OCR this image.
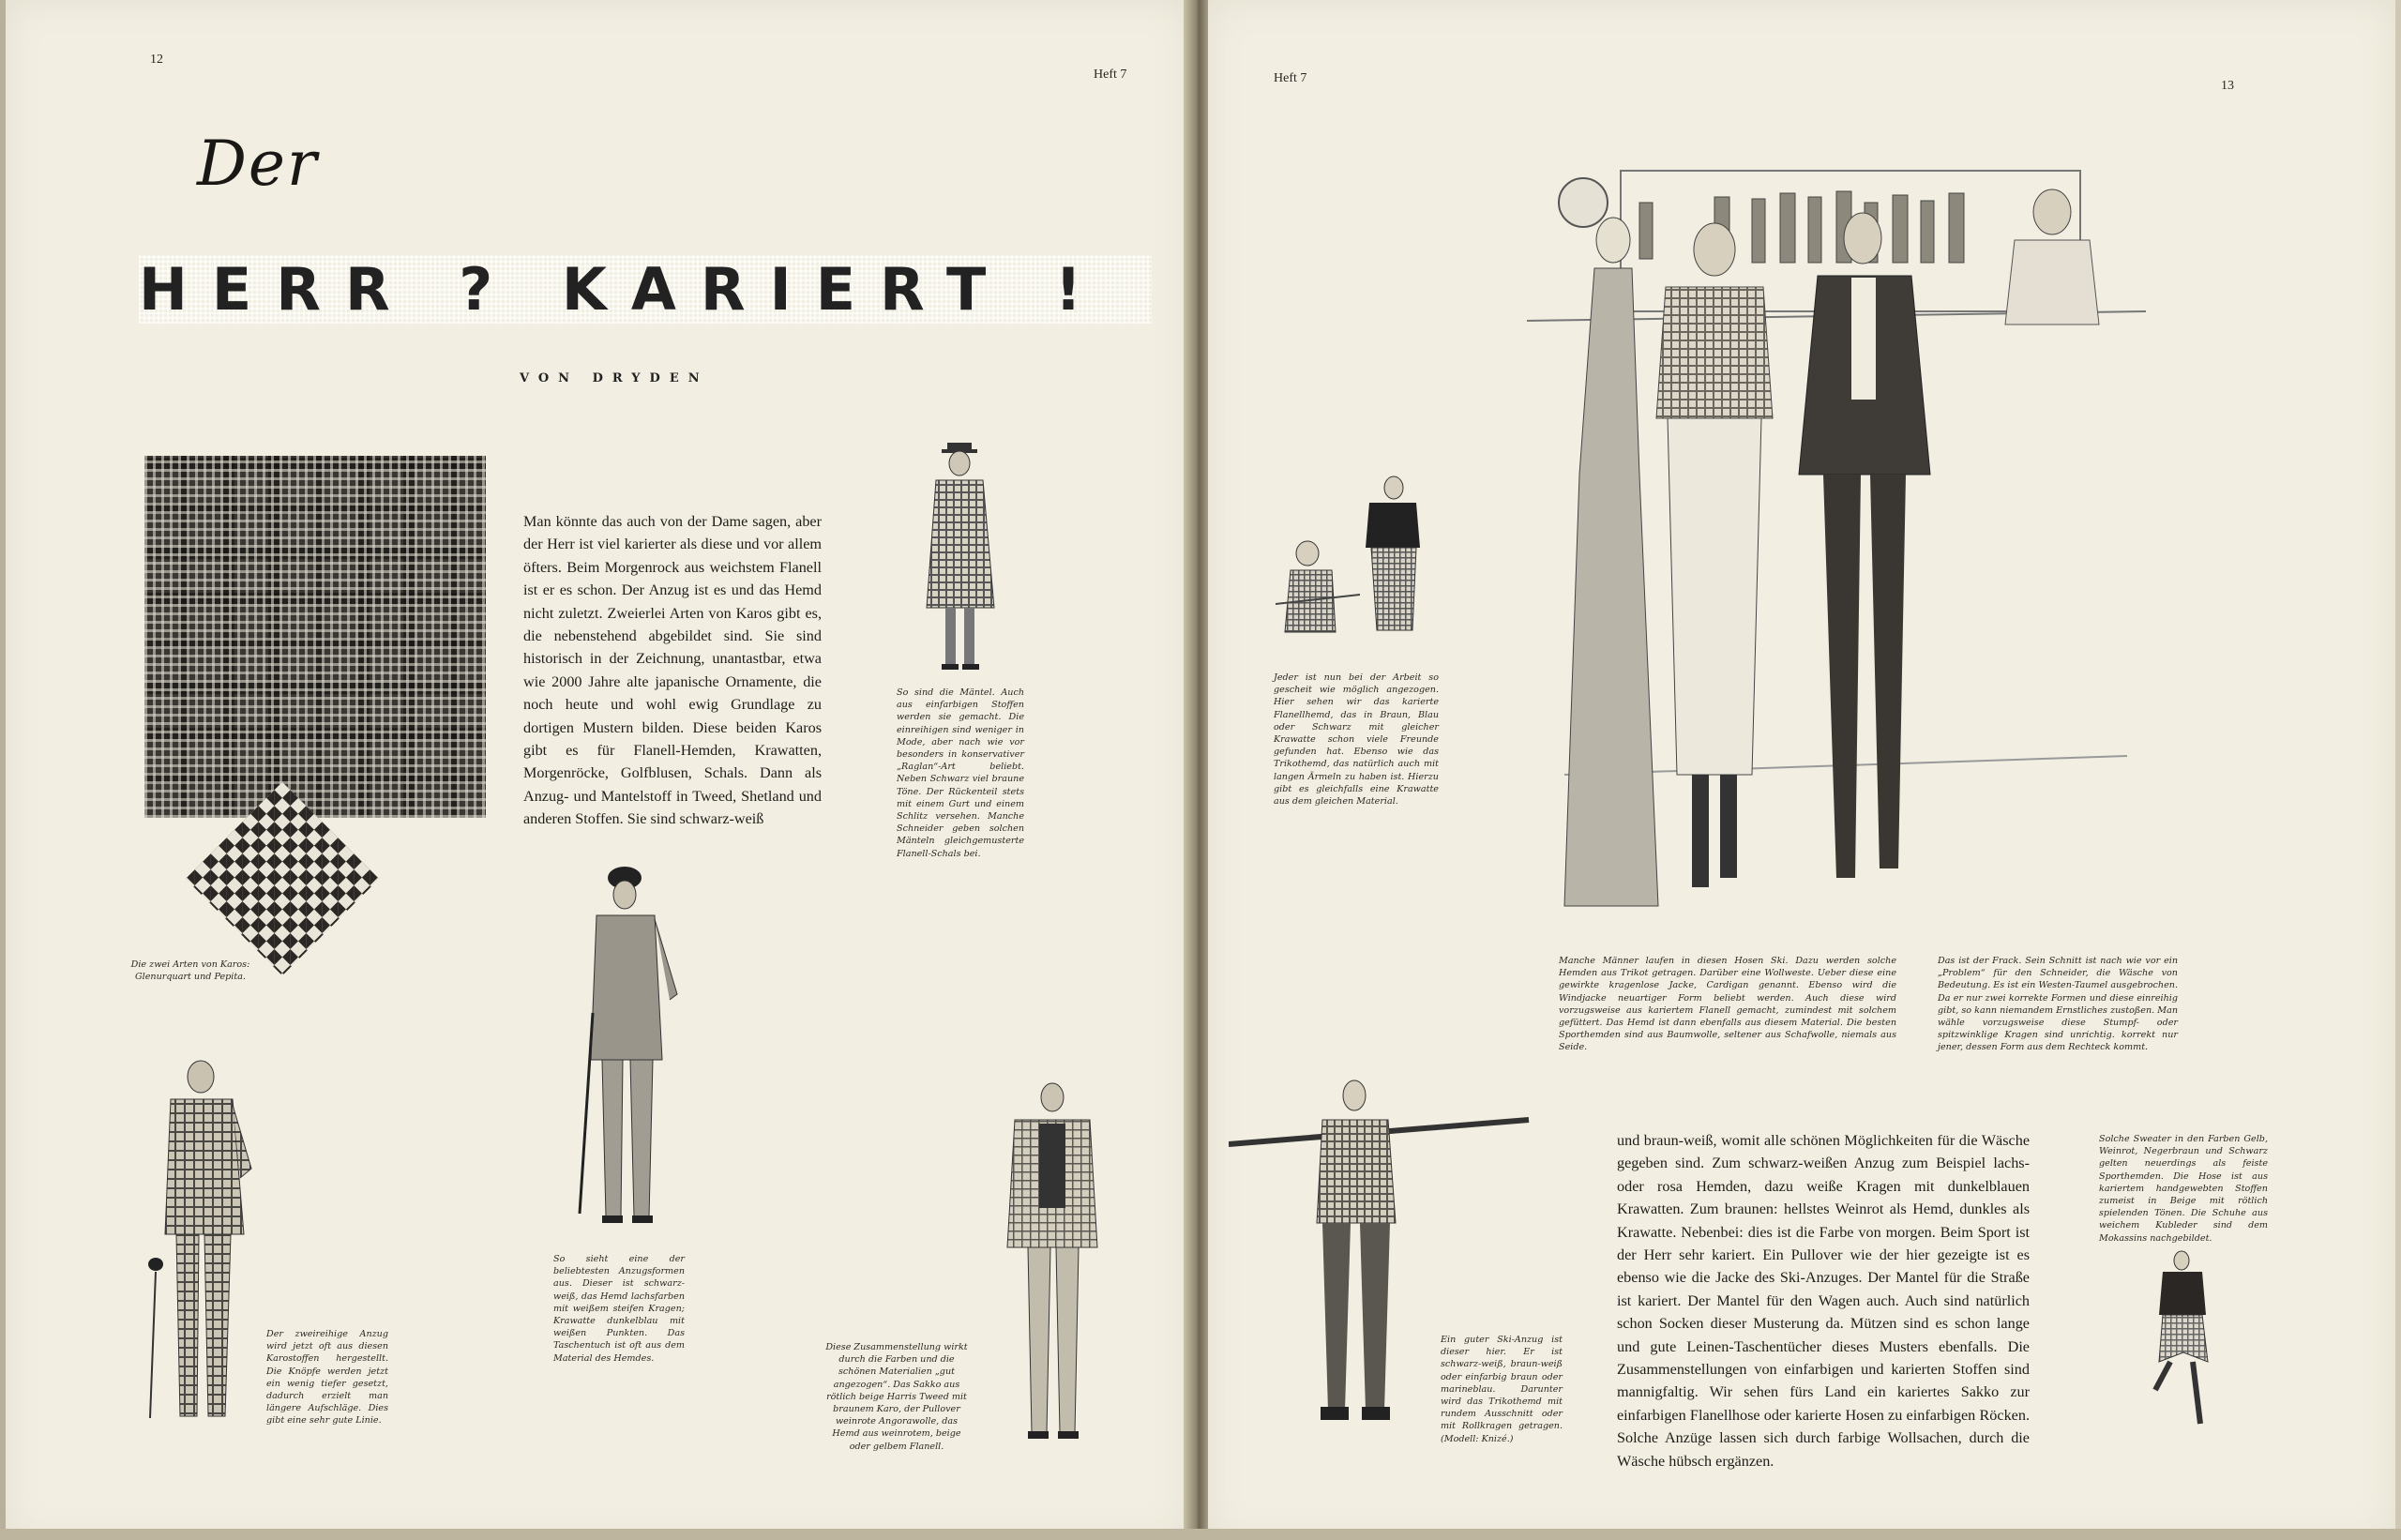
12
Heft 7
Der
HERR ? KARIERT !
VON DRYDEN
Die zwei Arten von Karos: Glenurquart und Pepita.
Man könnte das auch von der Dame sagen, aber der Herr ist viel karierter als diese und vor allem öfters. Beim Morgenrock aus weichstem Flanell ist er es schon. Der Anzug ist es und das Hemd nicht zuletzt. Zweierlei Arten von Karos gibt es, die nebenstehend abgebildet sind. Sie sind historisch in der Zeichnung, unantastbar, etwa wie 2000 Jahre alte japanische Ornamente, die noch heute und wohl ewig Grundlage zu dortigen Mustern bilden. Diese beiden Karos gibt es für Flanell-Hemden, Krawatten, Morgenröcke, Golfblusen, Schals. Dann als Anzug- und Mantelstoff in Tweed, Shetland und anderen Stoffen. Sie sind schwarz-weiß
So sind die Mäntel. Auch aus einfarbigen Stoffen werden sie gemacht. Die einreihigen sind weniger in Mode, aber nach wie vor besonders in konservativer „Raglan“-Art beliebt. Neben Schwarz viel braune Töne. Der Rückenteil stets mit einem Gurt und einem Schlitz versehen. Manche Schneider geben solchen Mänteln gleichgemusterte Flanell-Schals bei.
Der zweireihige Anzug wird jetzt oft aus diesen Karostoffen hergestellt. Die Knöpfe werden jetzt ein wenig tiefer gesetzt, dadurch erzielt man längere Aufschläge. Dies gibt eine sehr gute Linie.
So sieht eine der beliebtesten Anzugsformen aus. Dieser ist schwarz-weiß, das Hemd lachsfarben mit weißem steifen Kragen; Krawatte dunkelblau mit weißen Punkten. Das Taschentuch ist oft aus dem Material des Hemdes.
Diese Zusammenstellung wirkt durch die Farben und die schönen Materialien „gut angezogen“. Das Sakko aus rötlich beige Harris Tweed mit braunem Karo, der Pullover weinrote Angorawolle, das Hemd aus weinrotem, beige oder gelbem Flanell.
Heft 7
13
Jeder ist nun bei der Arbeit so gescheit wie möglich angezogen. Hier sehen wir das karierte Flanellhemd, das in Braun, Blau oder Schwarz mit gleicher Krawatte schon viele Freunde gefunden hat. Ebenso wie das Trikothemd, das natürlich auch mit langen Ärmeln zu haben ist. Hierzu gibt es gleichfalls eine Krawatte aus dem gleichen Material.
Manche Männer laufen in diesen Hosen Ski. Dazu werden solche Hemden aus Trikot getragen. Darüber eine Wollweste. Ueber diese eine gewirkte kragenlose Jacke, Cardigan genannt. Ebenso wird die Windjacke neuartiger Form beliebt werden. Auch diese wird vorzugsweise aus kariertem Flanell gemacht, zumindest mit solchem gefüttert. Das Hemd ist dann ebenfalls aus diesem Material. Die besten Sporthemden sind aus Baumwolle, seltener aus Schafwolle, niemals aus Seide.
Das ist der Frack. Sein Schnitt ist nach wie vor ein „Problem“ für den Schneider, die Wäsche von Bedeutung. Es ist ein Westen-Taumel ausgebrochen. Da er nur zwei korrekte Formen und diese einreihig gibt, so kann niemandem Ernstliches zustoßen. Man wähle vorzugsweise diese Stumpf- oder spitzwinklige Kragen sind unrichtig. korrekt nur jener, dessen Form aus dem Rechteck kommt.
Ein guter Ski-Anzug ist dieser hier. Er ist schwarz-weiß, braun-weiß oder einfarbig braun oder marineblau. Darunter wird das Trikothemd mit rundem Ausschnitt oder mit Rollkragen getragen. (Modell: Knizé.)
und braun-weiß, womit alle schönen Möglichkeiten für die Wäsche gegeben sind. Zum schwarz-weißen Anzug zum Beispiel lachs- oder rosa Hemden, dazu weiße Kragen mit dunkelblauen Krawatten. Zum braunen: hellstes Weinrot als Hemd, dunkles als Krawatte. Nebenbei: dies ist die Farbe von morgen. Beim Sport ist der Herr sehr kariert. Ein Pullover wie der hier gezeigte ist es ebenso wie die Jacke des Ski-Anzuges. Der Mantel für die Straße ist kariert. Der Mantel für den Wagen auch. Auch sind natürlich schon Socken dieser Musterung da. Mützen sind es schon lange und gute Leinen-Taschentücher dieses Musters ebenfalls. Die Zusammenstellungen von einfarbigen und karierten Stoffen sind mannigfaltig. Wir sehen fürs Land ein kariertes Sakko zur einfarbigen Flanellhose oder karierte Hosen zu einfarbigen Röcken. Solche Anzüge lassen sich durch farbige Wollsachen, durch die Wäsche hübsch ergänzen.
Solche Sweater in den Farben Gelb, Weinrot, Negerbraun und Schwarz gelten neuerdings als feiste Sporthemden. Die Hose ist aus kariertem handgewebten Stoffen zumeist in Beige mit rötlich spielenden Tönen. Die Schuhe aus weichem Kubleder sind dem Mokassins nachgebildet.
